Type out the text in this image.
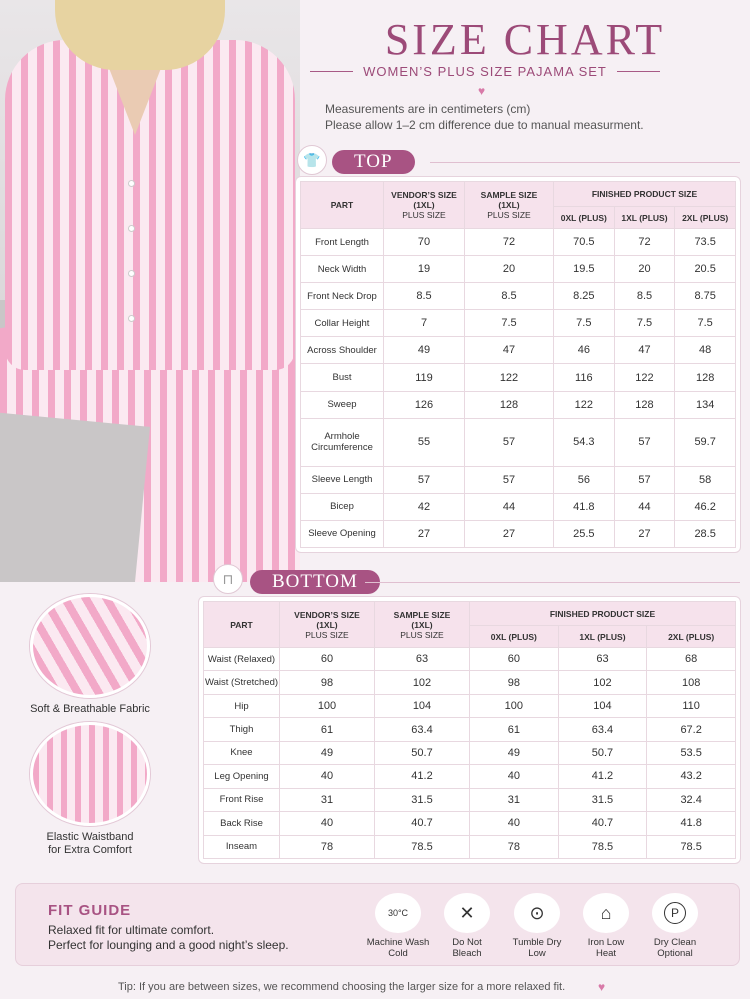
SIZE CHART
WOMEN’S PLUS SIZE PAJAMA SET
♥
Measurements are in centimeters (cm)
Please allow 1–2 cm difference due to manual measurment.
👕	TOP
PART	VENDOR’S SIZE
(1XL)
PLUS SIZE	SAMPLE SIZE
(1XL)
PLUS SIZE	FINISHED PRODUCT SIZE		
			0XL (PLUS)	1XL (PLUS)	2XL (PLUS)
Front Length	70	72	70.5	72	73.5
Neck Width	19	20	19.5	20	20.5
Front Neck Drop	8.5	8.5	8.25	8.5	8.75
Collar Height	7	7.5	7.5	7.5	7.5
Across Shoulder	49	47	46	47	48
Bust	119	122	116	122	128
Sweep	126	128	122	128	134
Armhole Circumference	55	57	54.3	57	59.7
Sleeve Length	57	57	56	57	58
Bicep	42	44	41.8	44	46.2
Sleeve Opening	27	27	25.5	27	28.5
⊓	BOTTOM
PART	VENDOR’S SIZE
(1XL)
PLUS SIZE	SAMPLE SIZE
(1XL)
PLUS SIZE	FINISHED PRODUCT SIZE		
			0XL (PLUS)	1XL (PLUS)	2XL (PLUS)
Waist (Relaxed)	60	63	60	63	68
Waist (Stretched)	98	102	98	102	108
Hip	100	104	100	104	110
Thigh	61	63.4	61	63.4	67.2
Knee	49	50.7	49	50.7	53.5
Leg Opening	40	41.2	40	41.2	43.2
Front Rise	31	31.5	31	31.5	32.4
Back Rise	40	40.7	40	40.7	41.8
Inseam	78	78.5	78	78.5	78.5
Soft & Breathable Fabric
Elastic Waistband
for Extra Comfort
FIT GUIDE
Relaxed fit for ultimate comfort.
Perfect for lounging and a good night’s sleep.
30°C
Machine Wash
Cold
✕
Do Not
Bleach
⊙
Tumble Dry
Low
⌂
Iron Low
Heat
P
Dry Clean
Optional
Tip: If you are between sizes, we recommend choosing the larger size for a more relaxed fit.	♥
